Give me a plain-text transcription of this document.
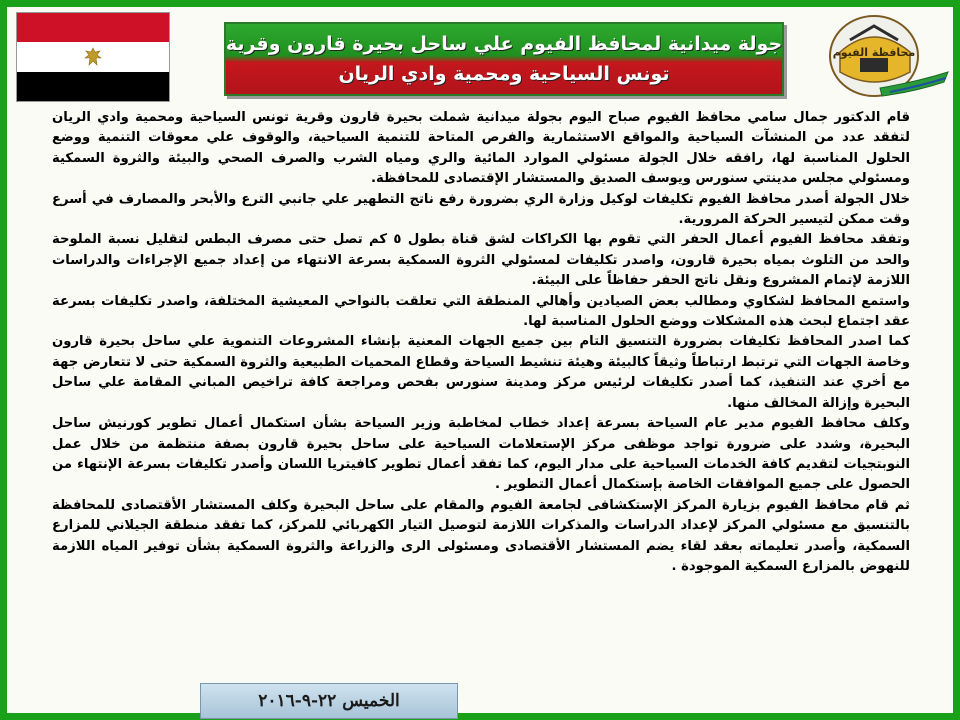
جولة ميدانية لمحافظ الفيوم علي ساحل بحيرة قارون وقرية
تونس السياحية ومحمية وادي الريان
محافظة الفيوم

قام الدكتور جمال سامي محافظ الفيوم صباح اليوم بجولة ميدانية شملت بحيرة قارون وقرية تونس السياحية ومحمية وادي الريان لتفقد عدد من المنشآت السياحية والمواقع الاستثمارية والفرص المتاحة للتنمية السياحية، والوقوف علي معوقات التنمية ووضع الحلول المناسبة لها، رافقه خلال الجولة مسئولي الموارد المائية والري ومياه الشرب والصرف الصحي والبيئة والثروة السمكية ومسئولي مجلس مدينتي سنورس ويوسف الصديق والمستشار الإقتصادى للمحافظة.

خلال الجولة أصدر محافظ الفيوم تكليفات لوكيل وزارة الري بضرورة رفع ناتج التطهير علي جانبي الترع والأبحر والمصارف في أسرع وقت ممكن لتيسير الحركة المرورية.

وتفقد محافظ الفيوم أعمال الحفر التي تقوم بها الكراكات لشق قناة بطول ٥ كم تصل حتى مصرف البطس لتقليل نسبة الملوحة والحد من التلوث بمياه بحيرة قارون، واصدر تكليفات لمسئولي الثروة السمكية بسرعة الانتهاء من إعداد جميع الإجراءات والدراسات اللازمة لإتمام المشروع ونقل ناتج الحفر حفاظاً على البيئة.

واستمع المحافظ لشكاوي ومطالب بعض الصيادين وأهالي المنطقة التي تعلقت بالنواحي المعيشية المختلفة، واصدر تكليفات بسرعة عقد اجتماع لبحث هذه المشكلات ووضع الحلول المناسبة لها.

كما اصدر المحافظ تكليفات بضرورة التنسيق التام بين جميع الجهات المعنية بإنشاء المشروعات التنموية علي ساحل بحيرة قارون وخاصة الجهات التي ترتبط ارتباطاً وثيقاً كالبيئة وهيئة تنشيط السياحة وقطاع المحميات الطبيعية والثروة السمكية حتى لا تتعارض جهة مع أخري عند التنفيذ، كما أصدر تكليفات لرئيس مركز ومدينة سنورس بفحص ومراجعة كافة تراخيص المباني المقامة علي ساحل البحيرة وإزالة المخالف منها.

وكلف محافظ الفيوم مدير عام السياحة بسرعة إعداد خطاب لمخاطبة وزير السياحة بشأن استكمال أعمال تطوير كورنيش ساحل البحيرة، وشدد على ضرورة تواجد موظفى مركز الإستعلامات السياحية على ساحل بحيرة قارون بصفة منتظمة من خلال عمل النوبتجيات لتقديم كافة الخدمات السياحية على مدار اليوم، كما تفقد أعمال تطوير كافيتريا اللسان وأصدر تكليفات بسرعة الإنتهاء من الحصول على جميع الموافقات الخاصة بإستكمال أعمال التطوير .

ثم قام محافظ الفيوم بزيارة المركز الإستكشافى لجامعة الفيوم والمقام على ساحل البحيرة وكلف المستشار الأقتصادى للمحافظة بالتنسيق مع مسئولي المركز لإعداد الدراسات والمذكرات اللازمة لتوصيل التيار الكهربائي للمركز، كما تفقد منطقة الجيلاني للمزارع السمكية، وأصدر تعليماته بعقد لقاء يضم المستشار الأقتصادى ومسئولى الرى والزراعة والثروة السمكية بشأن توفير المياه اللازمة للنهوض بالمزارع السمكية الموجودة .

الخميس ٢٢-٩-٢٠١٦
